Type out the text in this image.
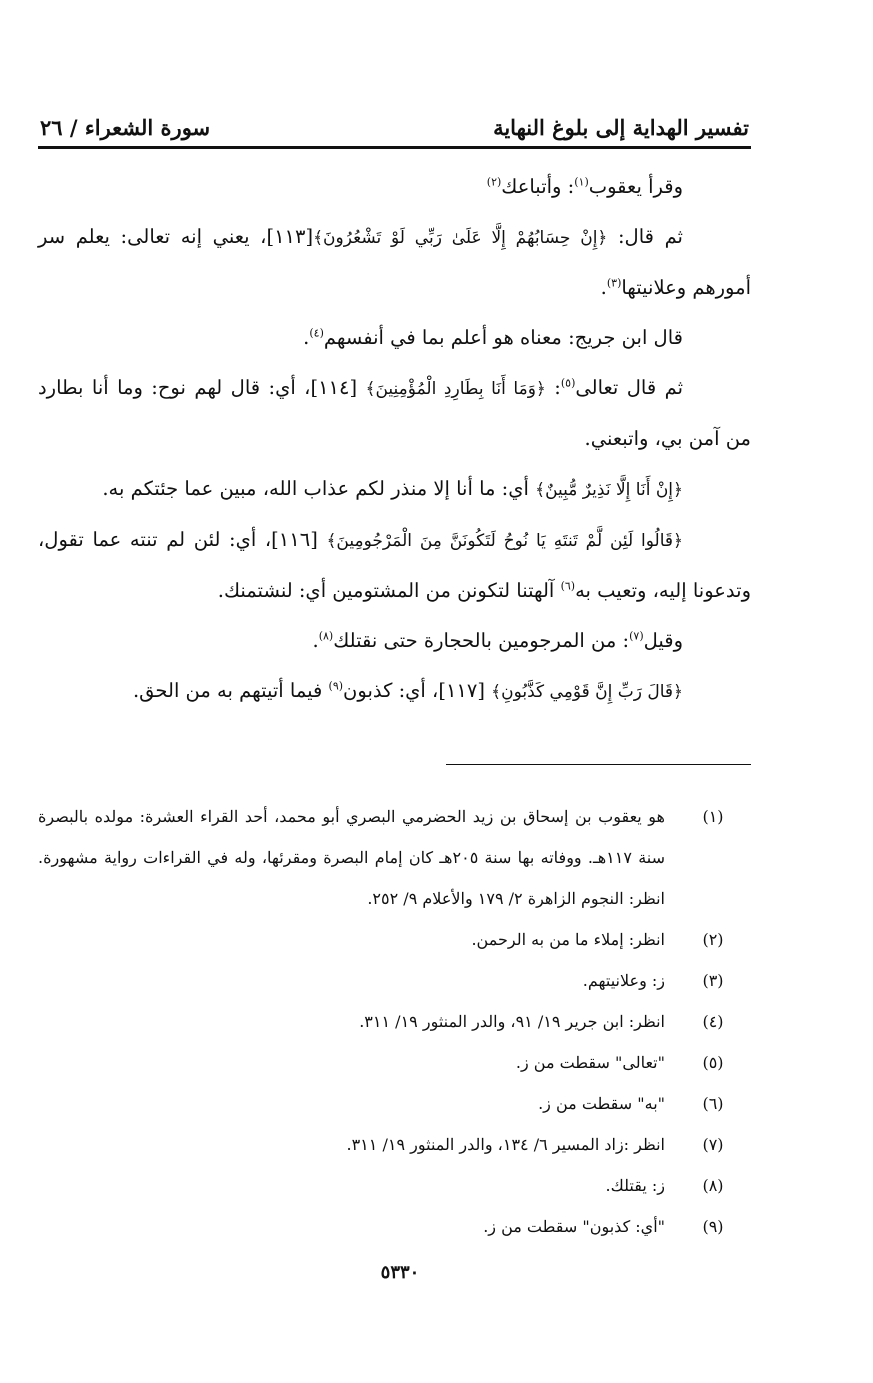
تفسير الهداية إلى بلوغ النهاية
سورة الشعراء / ٢٦

وقرأ يعقوب$^{(١)}$: وأتباعك$^{(٢)}$

ثم قال: ﴿إِنْ حِسَابُهُمْ إِلَّا عَلَىٰ رَبِّي لَوْ تَشْعُرُونَ﴾[١١٣]، يعني إنه تعالى: يعلم سر أمورهم وعلانيتها$^{(٣)}$.

قال ابن جريج: معناه هو أعلم بما في أنفسهم$^{(٤)}$.

ثم قال تعالى$^{(٥)}$: ﴿وَمَا أَنَا بِطَارِدِ الْمُؤْمِنِينَ﴾ [١١٤]، أي: قال لهم نوح: وما أنا بطارد من آمن بي، واتبعني.

﴿إِنْ أَنَا إِلَّا نَذِيرٌ مُّبِينٌ﴾ أي: ما أنا إلا منذر لكم عذاب الله، مبين عما جئتكم به.

﴿قَالُوا لَئِن لَّمْ تَنتَهِ يَا نُوحُ لَتَكُونَنَّ مِنَ الْمَرْجُومِينَ﴾ [١١٦]، أي: لئن لم تنته عما تقول، وتدعونا إليه، وتعيب به$^{(٦)}$ آلهتنا لتكونن من المشتومين أي: لنشتمنك.

وقيل$^{(٧)}$: من المرجومين بالحجارة حتى نقتلك$^{(٨)}$.

﴿قَالَ رَبِّ إِنَّ قَوْمِي كَذَّبُونِ﴾ [١١٧]، أي: كذبون$^{(٩)}$ فيما أتيتهم به من الحق.

(١)
هو يعقوب بن إسحاق بن زيد الحضرمي البصري أبو محمد، أحد القراء العشرة: مولده بالبصرة سنة ١١٧هـ. ووفاته بها سنة ٢٠٥هـ كان إمام البصرة ومقرئها، وله في القراءات رواية مشهورة. انظر: النجوم الزاهرة ٢/ ١٧٩ والأعلام ٩/ ٢٥٢.
(٢)
انظر: إملاء ما من به الرحمن.
(٣)
ز: وعلانيتهم.
(٤)
انظر: ابن جرير ١٩/ ٩١، والدر المنثور ١٩/ ٣١١.
(٥)
"تعالى" سقطت من ز.
(٦)
"به" سقطت من ز.
(٧)
انظر :زاد المسير ٦/ ١٣٤، والدر المنثور ١٩/ ٣١١.
(٨)
ز: يقتلك.
(٩)
"أي: كذبون" سقطت من ز.
٥٣٣٠
